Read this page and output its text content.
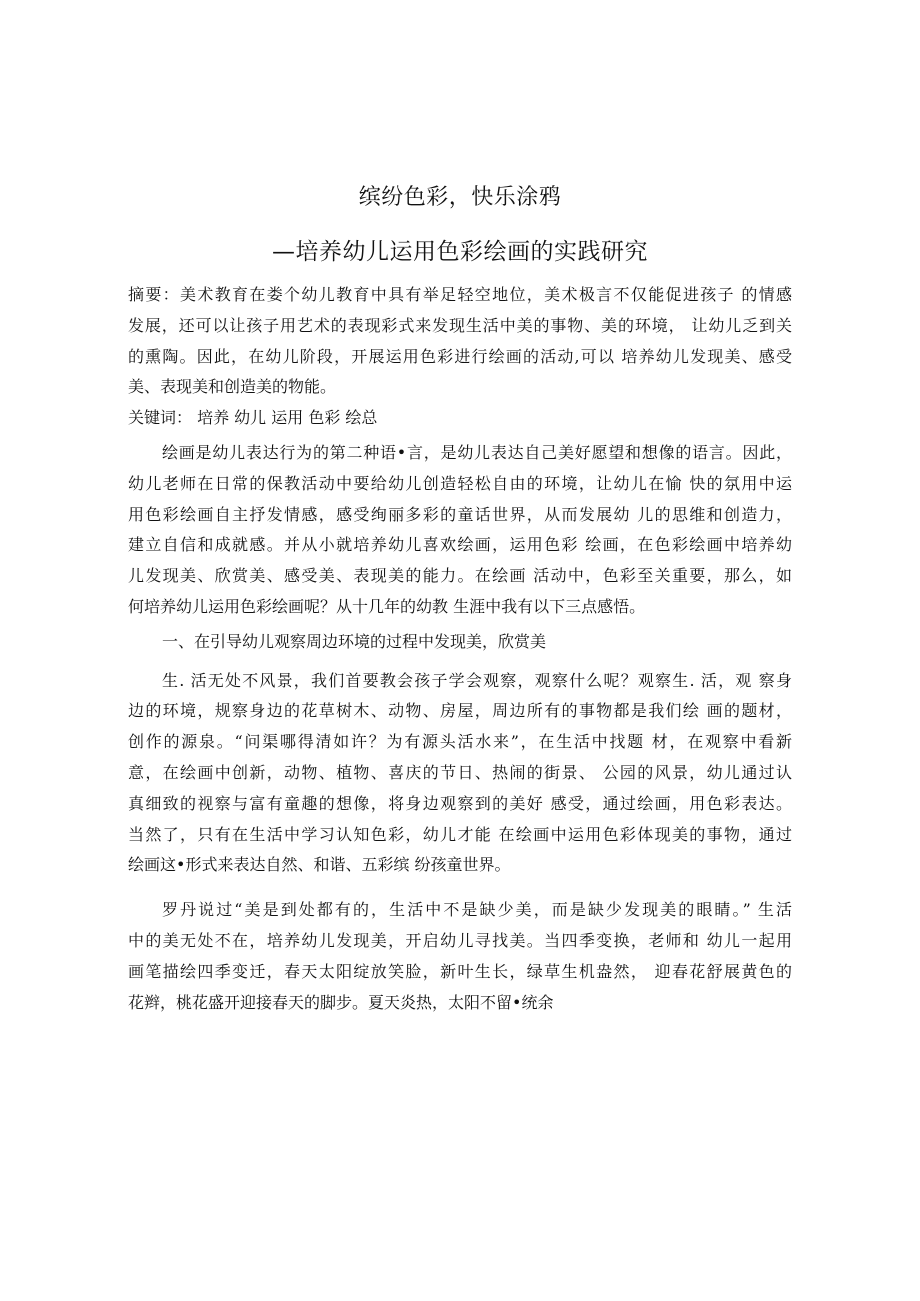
缤纷色彩，快乐涂鸦
—培养幼儿运用色彩绘画的实践研究
摘要：美术教育在娄个幼儿教育中具有举足轻空地位，美术极言不仅能促进孩子 的情感
发展，还可以让孩子用艺术的表现彩式来发现生活中美的事物、美的环境， 让幼儿乏到关
的熏陶。因此，在幼儿阶段，开展运用色彩进行绘画的活动,可以 培养幼儿发现美、感受
美、表现美和创造美的物能。
关键词： 培养 幼儿 运用 色彩 绘总
绘画是幼儿表达行为的第二种语•言，是幼儿表达自己美好愿望和想像的语言。因此，
幼儿老师在日常的保教活动中要给幼儿创造轻松自由的环境，让幼儿在愉 快的氛用中运
用色彩绘画自主抒发情感，感受绚丽多彩的童话世界，从而发展幼 儿的思维和创造力，
建立自信和成就感。并从小就培养幼儿喜欢绘画，运用色彩 绘画，在色彩绘画中培养幼
儿发现美、欣赏美、感受美、表现美的能力。在绘画 活动中，色彩至关重要，那么，如
何培养幼儿运用色彩绘画呢？从十几年的幼教 生涯中我有以下三点感悟。
一、在引导幼儿观察周边环境的过程中发现美，欣赏美
生. 活无处不风景，我们首要教会孩子学会观察，观察什么呢？观察生. 活，观 察身
边的环境，规察身边的花草树木、动物、房屋，周边所有的事物都是我们绘 画的题材，
创作的源泉。“问渠哪得清如许？为有源头活水来”，在生活中找题 材，在观察中看新
意，在绘画中创新，动物、植物、喜庆的节日、热闹的街景、 公园的风景，幼儿通过认
真细致的视察与富有童趣的想像，将身边观察到的美好 感受，通过绘画，用色彩表达。
当然了，只有在生活中学习认知色彩，幼儿才能 在绘画中运用色彩体现美的事物，通过
绘画这•形式来表达自然、和谐、五彩缤 纷孩童世界。
罗丹说过“美是到处都有的，生活中不是缺少美，而是缺少发现美的眼睛。” 生活
中的美无处不在，培养幼儿发现美，开启幼儿寻找美。当四季变换，老师和 幼儿一起用
画笔描绘四季变迁，春天太阳绽放笑脸，新叶生长，绿草生机盎然， 迎春花舒展黄色的
花辫，桃花盛开迎接春天的脚步。夏天炎热，太阳不留•统余
